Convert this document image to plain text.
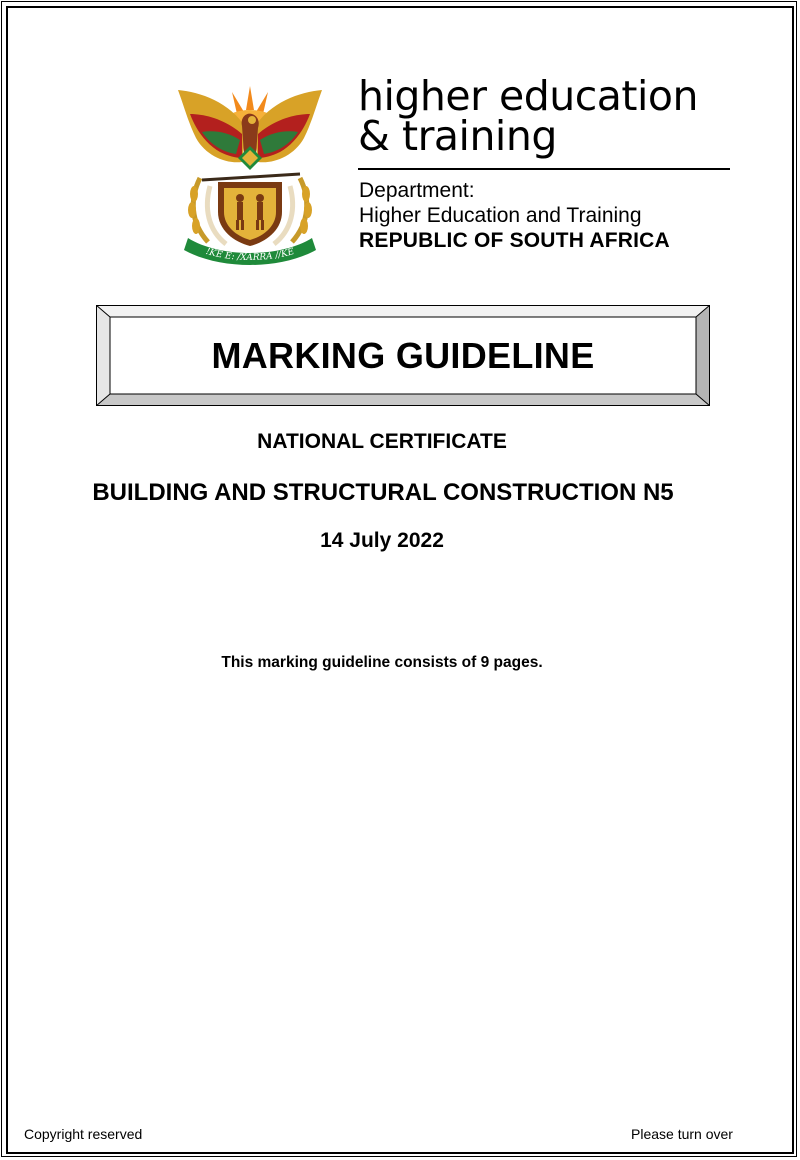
!KE E: /XARRA //KE
higher education
& training
Department:
Higher Education and Training
REPUBLIC OF SOUTH AFRICA
MARKING GUIDELINE
NATIONAL CERTIFICATE
BUILDING AND STRUCTURAL CONSTRUCTION N5
14 July 2022
This marking guideline consists of 9 pages.
Copyright reserved	Please turn over
